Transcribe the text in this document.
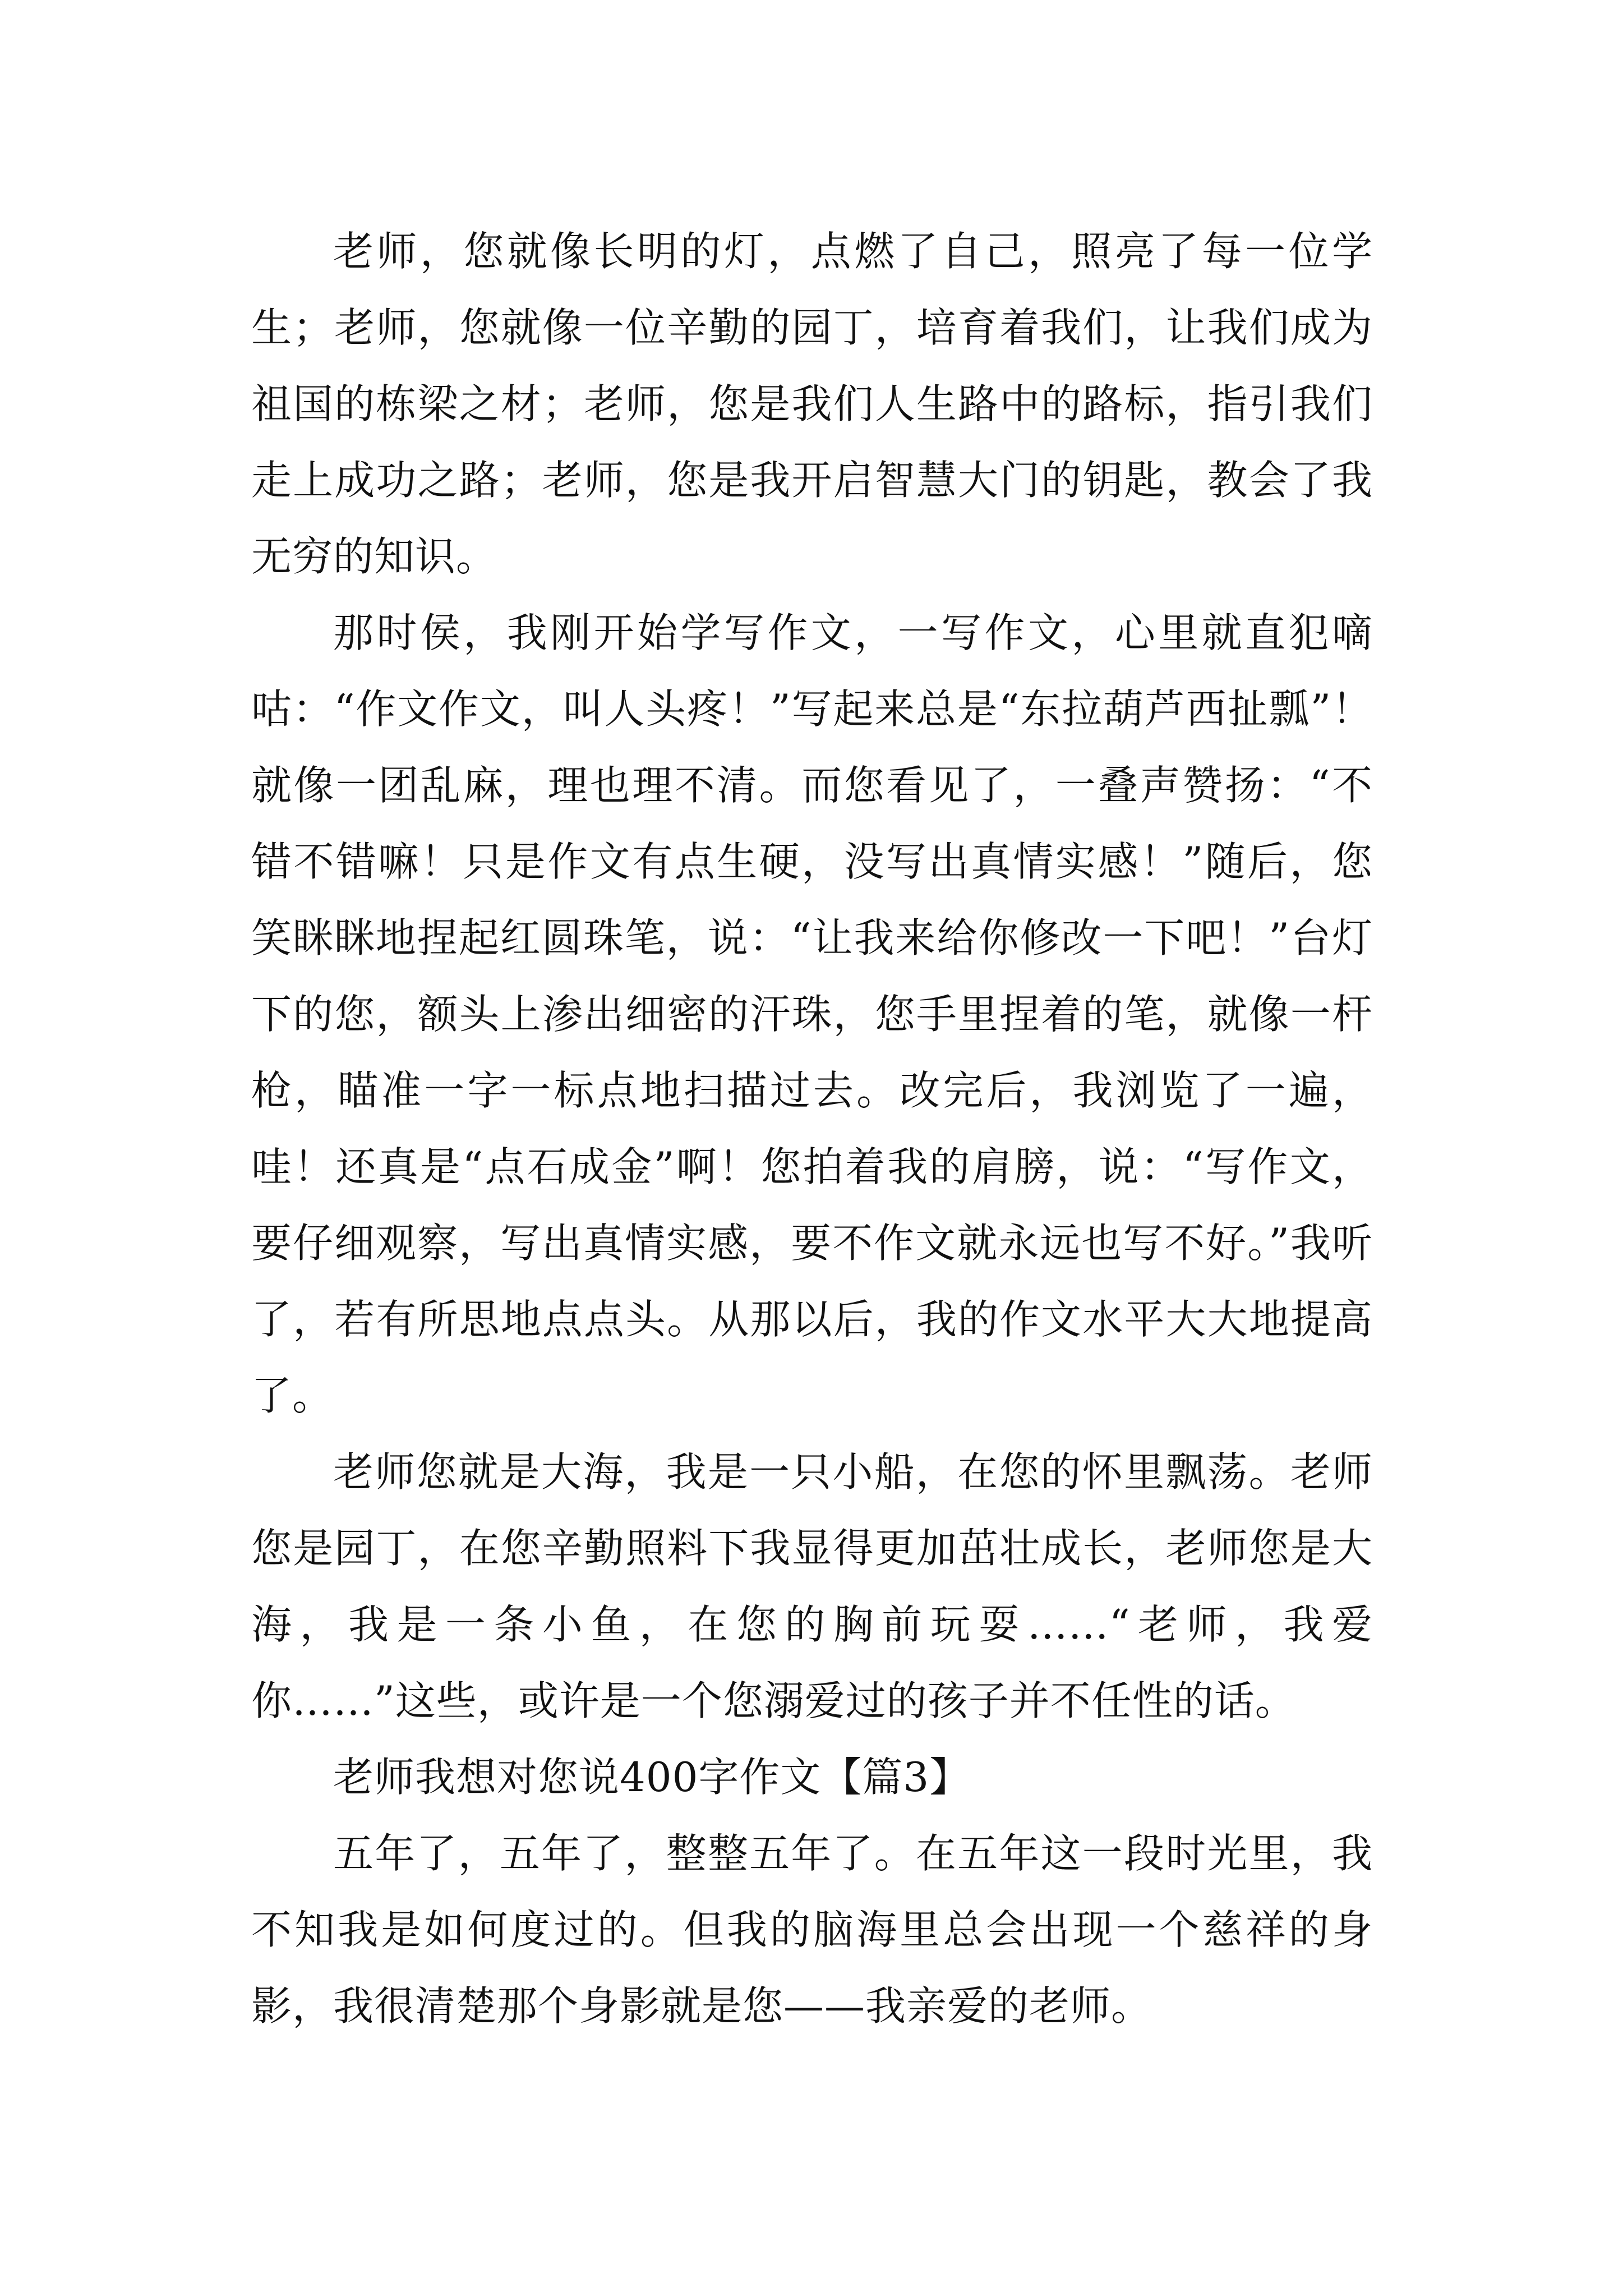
老师，您就像长明的灯，点燃了自己，照亮了每一位学生；老师，您就像一位辛勤的园丁，培育着我们，让我们成为祖国的栋梁之材；老师，您是我们人生路中的路标，指引我们走上成功之路；老师，您是我开启智慧大门的钥匙，教会了我无穷的知识。

那时侯，我刚开始学写作文，一写作文，心里就直犯嘀咕：“作文作文，叫人头疼！”写起来总是“东拉葫芦西扯瓢”！就像一团乱麻，理也理不清。而您看见了，一叠声赞扬：“不错不错嘛！只是作文有点生硬，没写出真情实感！”随后，您笑眯眯地捏起红圆珠笔，说：“让我来给你修改一下吧！”台灯下的您，额头上渗出细密的汗珠，您手里捏着的笔，就像一杆枪，瞄准一字一标点地扫描过去。改完后，我浏览了一遍，哇！还真是“点石成金”啊！您拍着我的肩膀，说：“写作文，要仔细观察，写出真情实感，要不作文就永远也写不好。”我听了，若有所思地点点头。从那以后，我的作文水平大大地提高了。

老师您就是大海，我是一只小船，在您的怀里飘荡。老师您是园丁，在您辛勤照料下我显得更加茁壮成长，老师您是大海，我是一条小鱼，在您的胸前玩耍……“老师，我爱你……”这些，或许是一个您溺爱过的孩子并不任性的话。

老师我想对您说400字作文【篇3】

五年了，五年了，整整五年了。在五年这一段时光里，我不知我是如何度过的。但我的脑海里总会出现一个慈祥的身影，我很清楚那个身影就是您——我亲爱的老师。
